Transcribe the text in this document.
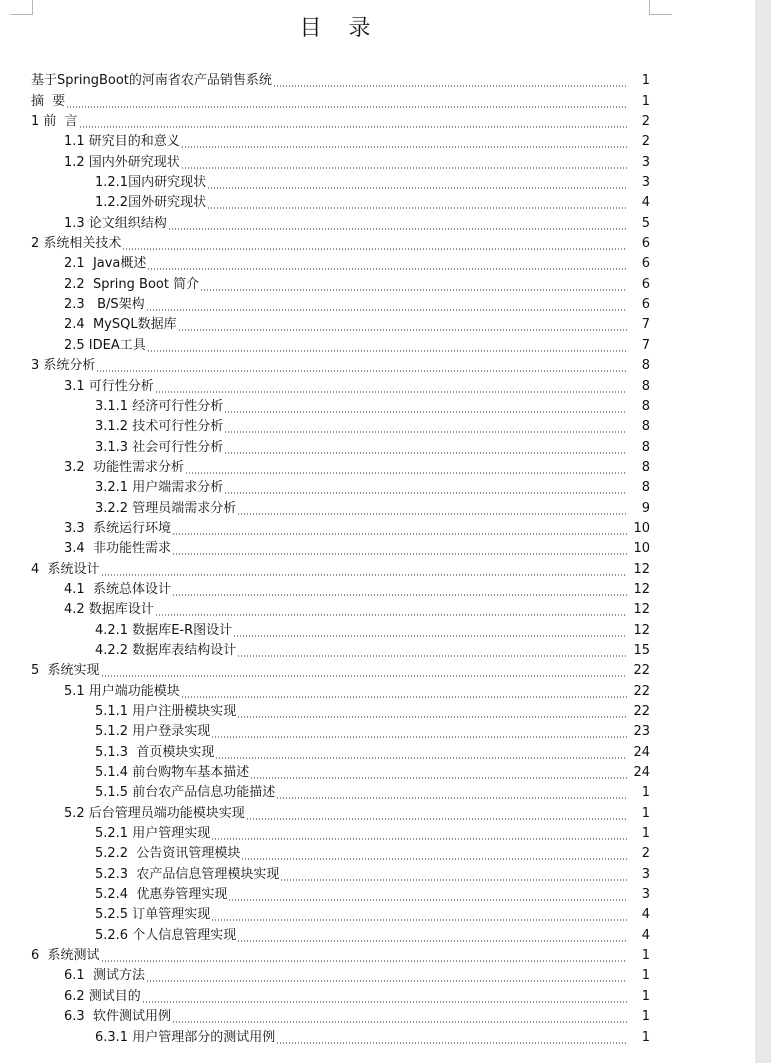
目 录
基于SpringBoot的河南省农产品销售系统	1
摘  要	1
1 前  言	2
1.1 研究目的和意义	2
1.2 国内外研究现状	3
1.2.1国内研究现状	3
1.2.2国外研究现状	4
1.3 论文组织结构	5
2 系统相关技术	6
2.1  Java概述	6
2.2  Spring Boot 简介	6
2.3   B/S架构	6
2.4  MySQL数据库	7
2.5 IDEA工具	7
3 系统分析	8
3.1 可行性分析	8
3.1.1 经济可行性分析	8
3.1.2 技术可行性分析	8
3.1.3 社会可行性分析	8
3.2  功能性需求分析	8
3.2.1 用户端需求分析	8
3.2.2 管理员端需求分析	9
3.3  系统运行环境	10
3.4  非功能性需求	10
4  系统设计	12
4.1  系统总体设计	12
4.2 数据库设计	12
4.2.1 数据库E-R图设计	12
4.2.2 数据库表结构设计	15
5  系统实现	22
5.1 用户端功能模块	22
5.1.1 用户注册模块实现	22
5.1.2 用户登录实现	23
5.1.3  首页模块实现	24
5.1.4 前台购物车基本描述	24
5.1.5 前台农产品信息功能描述	1
5.2 后台管理员端功能模块实现	1
5.2.1 用户管理实现	1
5.2.2  公告资讯管理模块	2
5.2.3  农产品信息管理模块实现	3
5.2.4  优惠券管理实现	3
5.2.5 订单管理实现	4
5.2.6 个人信息管理实现	4
6  系统测试	1
6.1  测试方法	1
6.2 测试目的	1
6.3  软件测试用例	1
6.3.1 用户管理部分的测试用例	1
